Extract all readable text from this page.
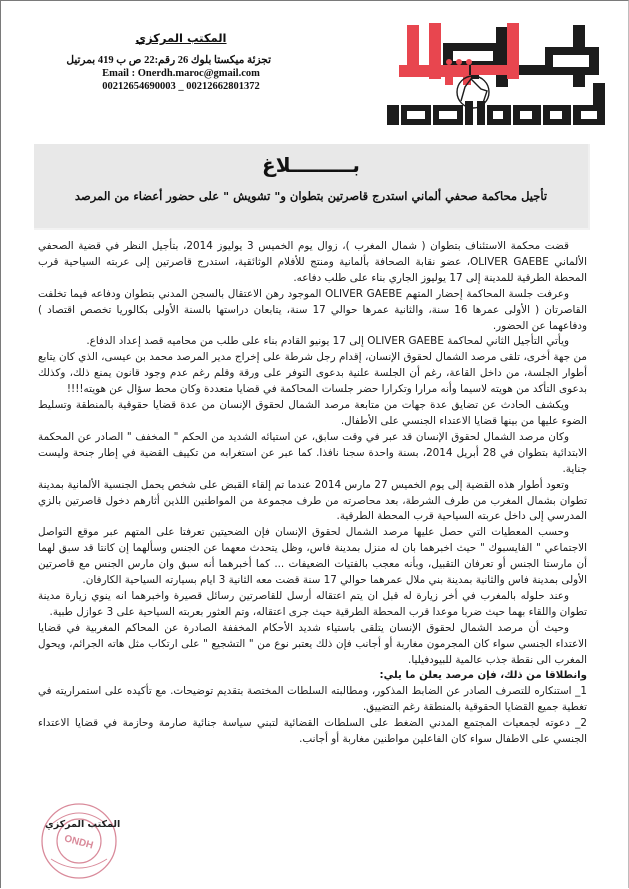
المكتب المركزي
تجزئة ميكستا بلوك 26 رقم:22 ص ب 419 بمرتيل
Email : Onerdh.maroc@gmail.com
00212654690003 _ 00212662801372
بـــــــــلاغ
تأجيل محاكمة صحفي ألماني استدرج قاصرتين بتطوان و" تشويش " على حضور أعضاء من المرصد

قضت محكمة الاستئناف بتطوان ( شمال المغرب )، زوال يوم الخميس 3 يوليوز 2014، بتأجيل النظر في قضية الصحفي الألماني OLIVER GAEBE، عضو نقابة الصحافة بألمانية ومنتج للأفلام الوثائقية، استدرج قاصرتين إلى عربته السياحية قرب المحطة الطرقية للمدينة إلى 17 يوليوز الجاري بناء على طلب دفاعه.

وعرفت جلسة المحاكمة إحضار المتهم OLIVER GAEBE الموجود رهن الاعتقال بالسجن المدني بتطوان ودفاعه فيما تخلفت القاصرتان ( الأولى عمرها 16 سنة، والثانية عمرها حوالي 17 سنة، يتابعان دراستها بالسنة الأولى بكالوريا تخصص اقتصاد ) ودفاعهما عن الحضور.

ويأتي التأجيل الثاني لمحاكمة OLIVER GAEBE إلى 17 يونيو القادم بناء على طلب من محاميه قصد إعداد الدفاع.

من جهة أخرى، تلقى مرصد الشمال لحقوق الإنسان، إقدام رجل شرطة على إخراج مدير المرصد محمد بن عيسى، الذي كان يتابع أطوار الجلسة، من داخل القاعة، رغم أن الجلسة علنية بدعوى التوفر على ورقة وقلم رغم عدم وجود قانون يمنع ذلك، وكذلك بدعوى التأكد من هويته لاسيما وأنه مرارا وتكرارا حضر جلسات المحاكمة في قضايا متعددة وكان محط سؤال عن هويته!!!!

ويكشف الحادث عن تضايق عدة جهات من متابعة مرصد الشمال لحقوق الإنسان من عدة قضايا حقوقية بالمنطقة وتسليط الضوء عليها من بينها قضايا الاعتداء الجنسي على الأطفال.

وكان مرصد الشمال لحقوق الإنسان قد عبر في وقت سابق، عن استيائه الشديد من الحكم " المخفف " الصادر عن المحكمة الابتدائية بتطوان في 28 أبريل 2014، بسنة واحدة سجنا نافذا. كما عبر عن استغرابه من تكييف القضية في إطار جنحة وليست جناية.

وتعود أطوار هذه القضية إلى يوم الخميس 27 مارس 2014 عندما تم إلقاء القبض على شخص يحمل الجنسية الألمانية بمدينة تطوان بشمال المغرب من طرف الشرطة، بعد محاصرته من طرف مجموعة من المواطنين اللذين أثارهم دخول قاصرتين بالزي المدرسي إلى داخل عربته السياحية قرب المحطة الطرقية.

وحسب المعطيات التي حصل عليها مرصد الشمال لحقوق الإنسان فإن الضحيتين تعرفتا على المتهم عبر موقع التواصل الاجتماعي " الفايسبوك " حيث اخبرهما بان له منزل بمدينة فاس، وظل يتحدث معهما عن الجنس وسألهما إن كانتا قد سبق لهما أن مارستا الجنس أو تعرفان التقبيل، وبأنه معجب بالفتيات الضعيفات ... كما أخبرهما أنه سبق وان مارس الجنس مع قاصرتين الأولى بمدينة فاس والثانية بمدينة بني ملال عمرهما حوالي 17 سنة قضت معه الثانية 3 ايام بسيارته السياحية الكارفان.

وعند حلوله بالمغرب في أخر زيارة له قبل ان يتم اعتقاله أرسل للقاصرتين رسائل قصيرة واخبرهما انه ينوي زيارة مدينة تطوان واللقاء بهما حيث ضربا موعدا قرب المحطة الطرقية حيث جرى اعتقاله، وتم العثور بعربته السياحية على 3 عوازل طبية.

وحيث أن مرصد الشمال لحقوق الإنسان يتلقى باستياء شديد الأحكام المخففة الصادرة عن المحاكم المغربية في قضايا الاعتداء الجنسي سواء كان المجرمون مغاربة أو أجانب فإن ذلك يعتبر نوع من " التشجيع " على ارتكاب مثل هاته الجرائم، ويحول المغرب الى نقطة جذب عالمية للبيودفيليا.

وانطلاقا من ذلك، فإن مرصد يعلن ما يلي:

1_ استنكاره للتصرف الصادر عن الضابط المذكور، ومطالبته السلطات المختصة بتقديم توضيحات. مع تأكيده على استمراريته في تغطية جميع القضايا الحقوقية بالمنطقة رغم التضييق.

2_ دعوته لجمعيات المجتمع المدني الضغط على السلطات القضائية لتبني سياسة جنائية صارمة وحازمة في قضايا الاعتداء الجنسي على الاطفال سواء كان الفاعلين مواطنين مغاربة أو أجانب.

ONDH
المكتب المركزي
